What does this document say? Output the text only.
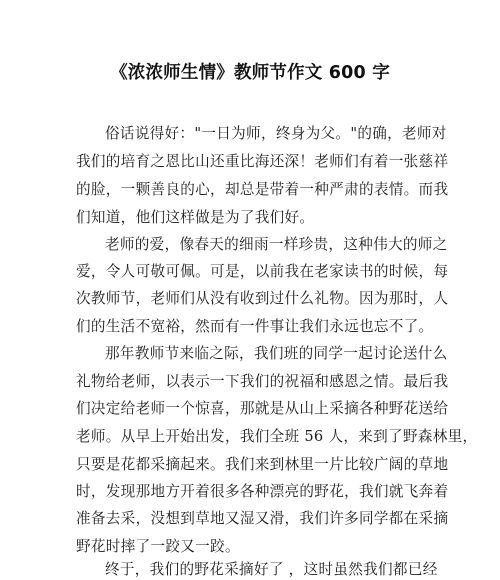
《浓浓师生情》教师节作文 600 字
俗话说得好："一日为师，终身为父。"的确，老师对
我们的培育之恩比山还重比海还深！老师们有着一张慈祥
的脸，一颗善良的心，却总是带着一种严肃的表情。而我
们知道，他们这样做是为了我们好。
老师的爱，像春天的细雨一样珍贵，这种伟大的师之
爱，令人可敬可佩。可是，以前我在老家读书的时候，每
次教师节，老师们从没有收到过什么礼物。因为那时，人
们的生活不宽裕，然而有一件事让我们永远也忘不了。
那年教师节来临之际，我们班的同学一起讨论送什么
礼物给老师，以表示一下我们的祝福和感恩之情。最后我
们决定给老师一个惊喜，那就是从山上采摘各种野花送给
老师。从早上开始出发，我们全班 56 人，来到了野森林里，
只要是花都采摘起来。我们来到林里一片比较广阔的草地
时，发现那地方开着很多各种漂亮的野花，我们就飞奔着
准备去采，没想到草地又湿又滑，我们许多同学都在采摘
野花时摔了一跤又一跤。
终于，我们的野花采摘好了 ，这时虽然我们都已经
